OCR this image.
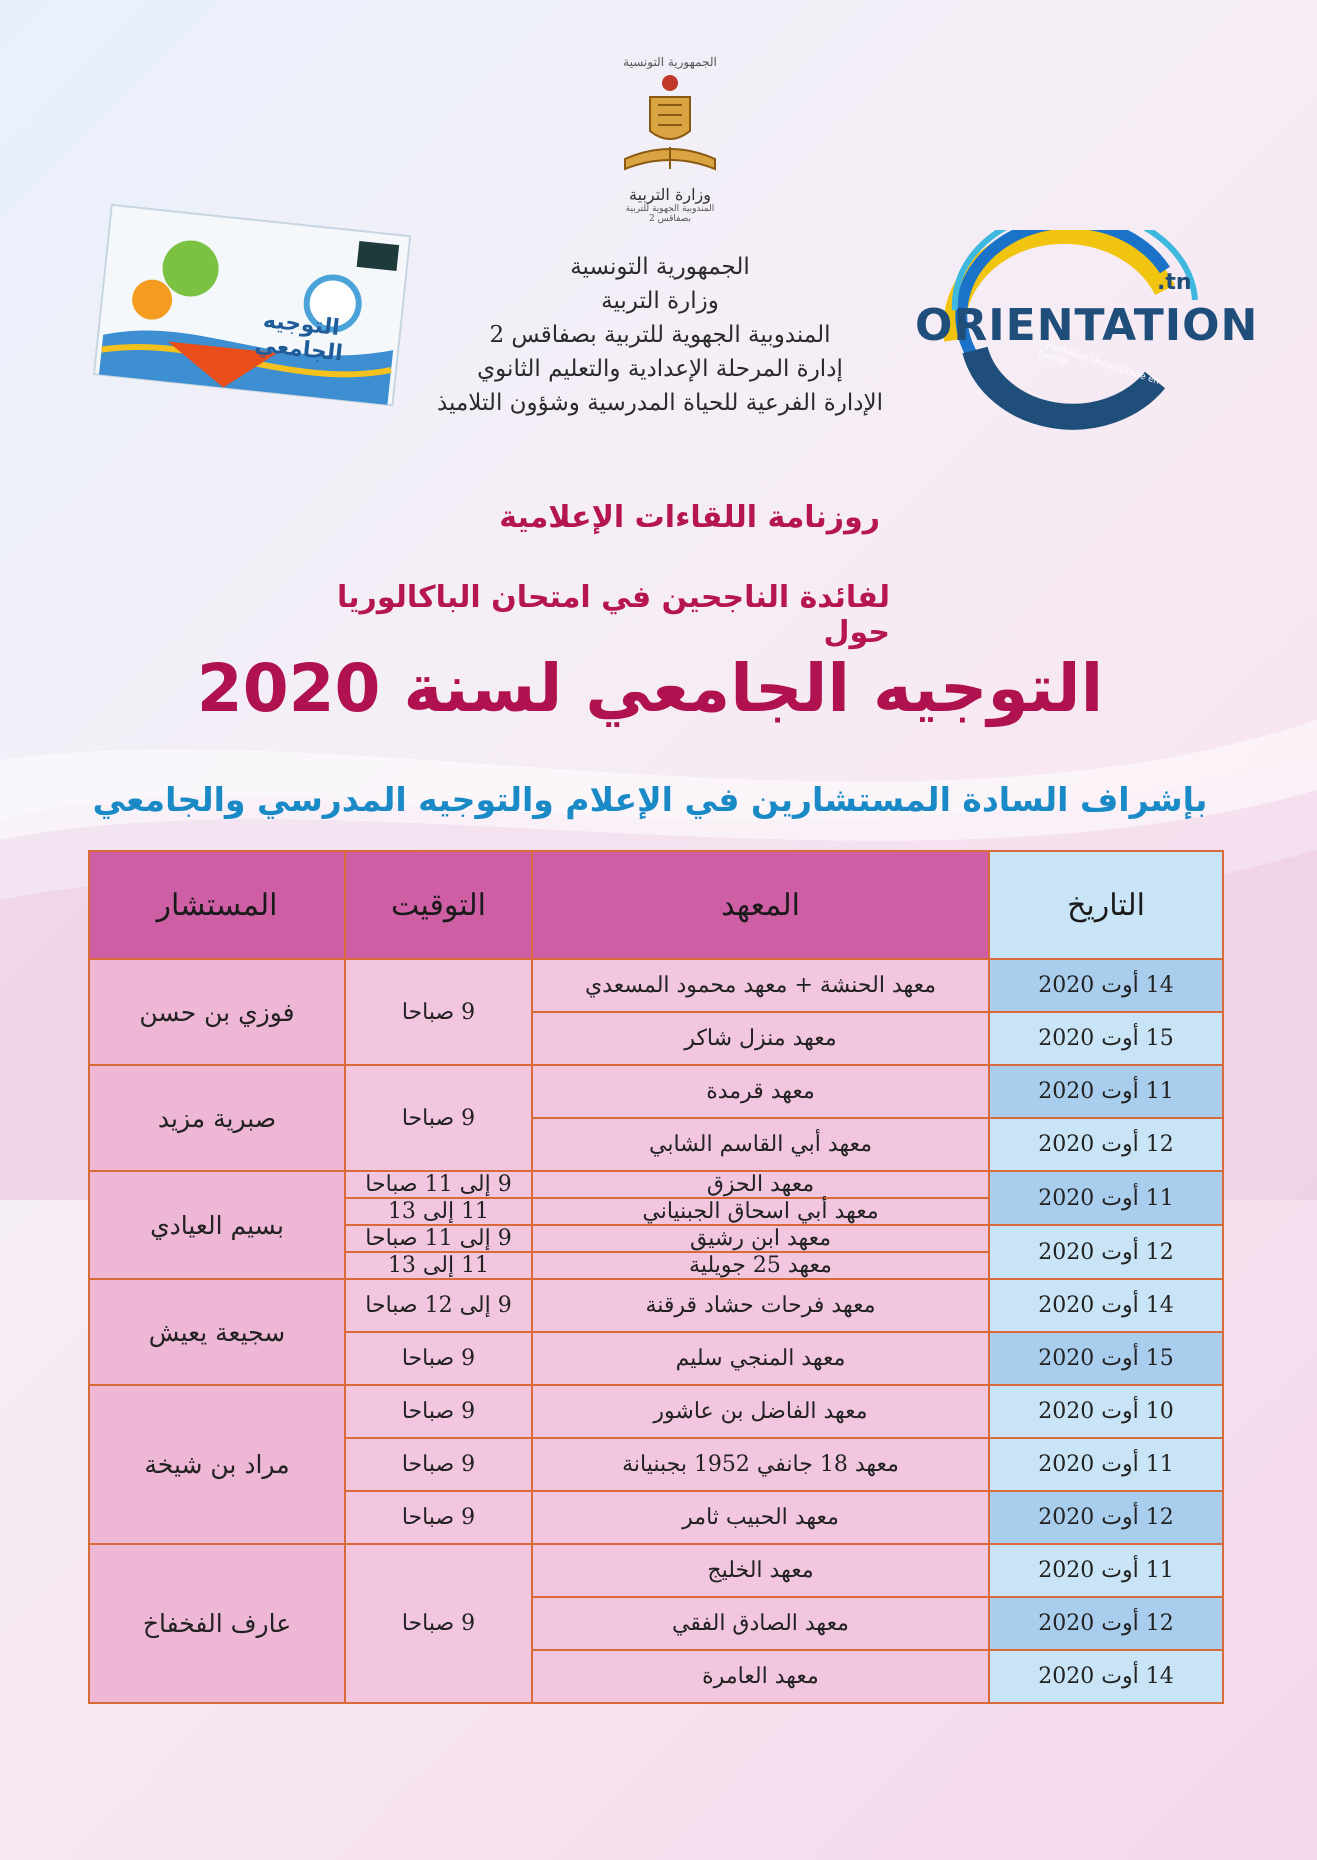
التوجيه الجامعي
الجمهورية التونسية
وزارة التربية
المندوبية الجهوية للتربية بصفاقس 2
ORIENTATION
.tn
Orientation Universitaire en Tunisie
الجمهورية التونسية
وزارة التربية
المندوبية الجهوية للتربية بصفاقس 2
إدارة المرحلة الإعدادية والتعليم الثانوي
الإدارة الفرعية للحياة المدرسية وشؤون التلاميذ
روزنامة اللقاءات الإعلامية
لفائدة الناجحين في امتحان الباكالوريا حول
التوجيه الجامعي لسنة 2020
بإشراف السادة المستشارين في الإعلام والتوجيه المدرسي والجامعي
التاريخ	المعهد	التوقيت	المستشار
14 أوت 2020	معهد الحنشة + معهد محمود المسعدي	9 صباحا	فوزي بن حسن
15 أوت 2020	معهد منزل شاكر		
11 أوت 2020	معهد قرمدة	9 صباحا	صبرية مزيد
12 أوت 2020	معهد أبي القاسم الشابي		
11 أوت 2020	معهد الحزق	9 إلى 11 صباحا	بسيم العيادي
	معهد أبي اسحاق الجبنياني	11 إلى 13	
12 أوت 2020	معهد ابن رشيق	9 إلى 11 صباحا	
	معهد 25 جويلية	11 إلى 13	
14 أوت 2020	معهد فرحات حشاد قرقنة	9 إلى 12 صباحا	سجيعة يعيش
15 أوت 2020	معهد المنجي سليم	9 صباحا	
10 أوت 2020	معهد الفاضل بن عاشور	9 صباحا	مراد بن شيخة
11 أوت 2020	معهد 18 جانفي 1952 بجبنيانة	9 صباحا	
12 أوت 2020	معهد الحبيب ثامر	9 صباحا	
11 أوت 2020	معهد الخليج	9 صباحا	عارف الفخفاخ
12 أوت 2020	معهد الصادق الفقي		
14 أوت 2020	معهد العامرة		
